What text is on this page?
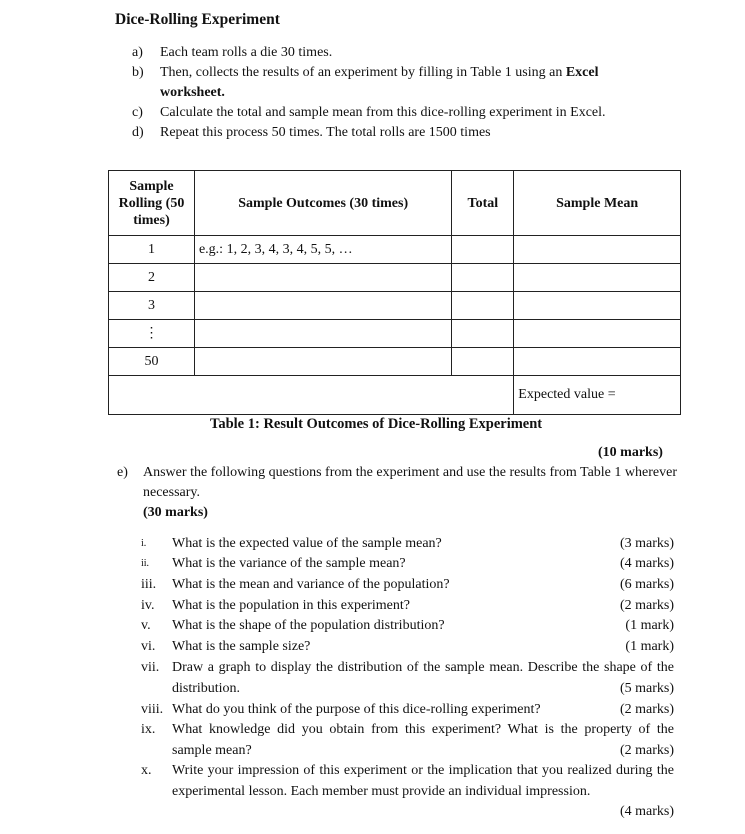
Dice-Rolling Experiment
a) Each team rolls a die 30 times.
b) Then, collects the results of an experiment by filling in Table 1 using an Excel
worksheet.
c) Calculate the total and sample mean from this dice-rolling experiment in Excel.
d) Repeat this process 50 times. The total rolls are 1500 times
Sample Rolling (50 times)	Sample Outcomes (30 times)	Total	Sample Mean
1	e.g.: 1, 2, 3, 4, 3, 4, 5, 5, …		
2			
3			
⋮			
50			
			Expected value =
Table 1: Result Outcomes of Dice-Rolling Experiment
(10 marks)
e) Answer the following questions from the experiment and use the results from Table 1 wherever necessary.
(30 marks)
i. What is the expected value of the sample mean?	(3 marks)
ii. What is the variance of the sample mean?	(4 marks)
iii. What is the mean and variance of the population?	(6 marks)
iv. What is the population in this experiment?	(2 marks)
v. What is the shape of the population distribution?	(1 mark)
vi. What is the sample size?	(1 mark)
vii. Draw a graph to display the distribution of the sample mean. Describe the shape of the distribution.	(5 marks)
viii. What do you think of the purpose of this dice-rolling experiment?	(2 marks)
ix. What knowledge did you obtain from this experiment? What is the property of the sample mean?	(2 marks)
x. Write your impression of this experiment or the implication that you realized during the experimental lesson. Each member must provide an individual impression.
(4 marks)
